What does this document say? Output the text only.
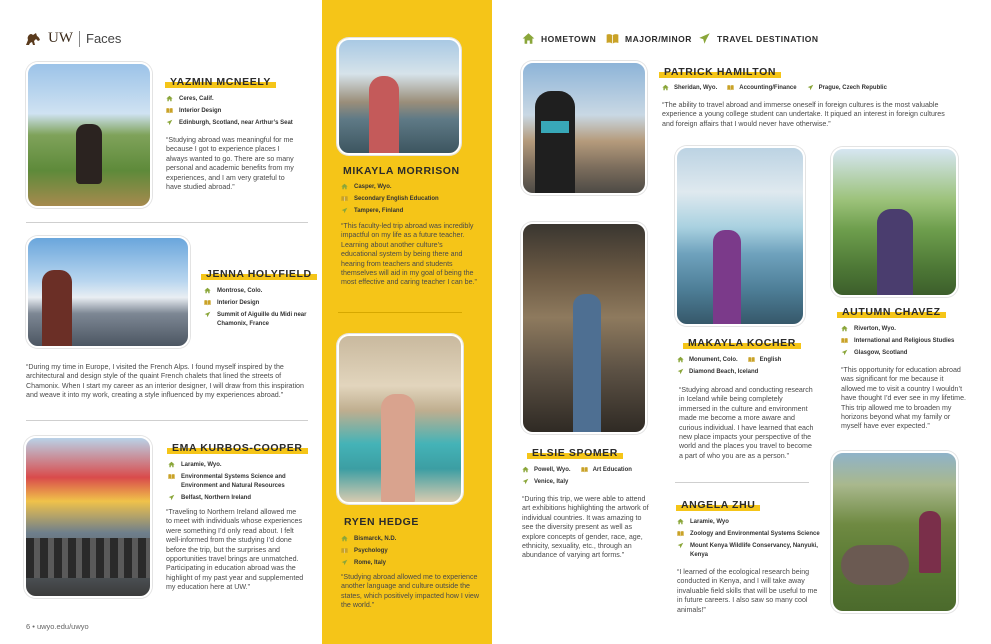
UW Faces	HOMETOWN	MAJOR/MINOR	TRAVEL DESTINATION
YAZMIN MCNEELY
Ceres, Calif.
Interior Design
Edinburgh, Scotland, near Arthur’s Seat
“Studying abroad was meaningful for me because I got to experience places I always wanted to go. There are so many personal and academic benefits from my experiences, and I am very grateful to have studied abroad.”
JENNA HOLYFIELD
Montrose, Colo.
Interior Design
Summit of Aiguille du Midi near Chamonix, France
“During my time in Europe, I visited the French Alps. I found myself inspired by the architectural and design style of the quaint French chalets that lined the streets of Chamonix. When I start my career as an interior designer, I will draw from this inspiration and weave it into my work, creating a style influenced by my experiences abroad.”
EMA KURBOS-COOPER
Laramie, Wyo.
Environmental Systems Science and Environment and Natural Resources
Belfast, Northern Ireland
“Traveling to Northern Ireland allowed me to meet with individuals whose experiences were something I’d only read about. I felt well-informed from the studying I’d done before the trip, but the surprises and opportunities travel brings are unmatched. Participating in education abroad was the highlight of my past year and supplemented my education here at UW.”
6 • uwyo.edu/uwyo
MIKAYLA MORRISON
Casper, Wyo.
Secondary English Education
Tampere, Finland
“This faculty-led trip abroad was incredibly impactful on my life as a future teacher. Learning about another culture’s educational system by being there and hearing from teachers and students themselves will aid in my goal of being the most effective and caring teacher I can be.”
RYEN HEDGE
Bismarck, N.D.
Psychology
Rome, Italy
“Studying abroad allowed me to experience another language and culture outside the states, which positively impacted how I view the world.”
PATRICK HAMILTON
Sheridan, Wyo.	Accounting/Finance	Prague, Czech Republic
“The ability to travel abroad and immerse oneself in foreign cultures is the most valuable experience a young college student can undertake. It piqued an interest in foreign cultures and foreign affairs that I would never have otherwise.”
ELSIE SPOMER
Powell, Wyo.	Art Education
Venice, Italy
“During this trip, we were able to attend art exhibitions highlighting the artwork of individual countries. It was amazing to see the diversity present as well as explore concepts of gender, race, age, ethnicity, sexuality, etc., through an abundance of varying art forms.”
MAKAYLA KOCHER
Monument, Colo.	English
Diamond Beach, Iceland
“Studying abroad and conducting research in Iceland while being completely immersed in the culture and environment made me become a more aware and curious individual. I have learned that each new place impacts your perspective of the world and the places you travel to become a part of who you are as a person.”
AUTUMN CHAVEZ
Riverton, Wyo.
International and Religious Studies
Glasgow, Scotland
“This opportunity for education abroad was significant for me because it allowed me to visit a country I wouldn’t have thought I’d ever see in my lifetime. This trip allowed me to broaden my horizons beyond what my family or myself have ever expected.”
ANGELA ZHU
Laramie, Wyo
Zoology and Environmental Systems Science
Mount Kenya Wildlife Conservancy, Nanyuki, Kenya
“I learned of the ecological research being conducted in Kenya, and I will take away invaluable field skills that will be useful to me in future careers. I also saw so many cool animals!”
